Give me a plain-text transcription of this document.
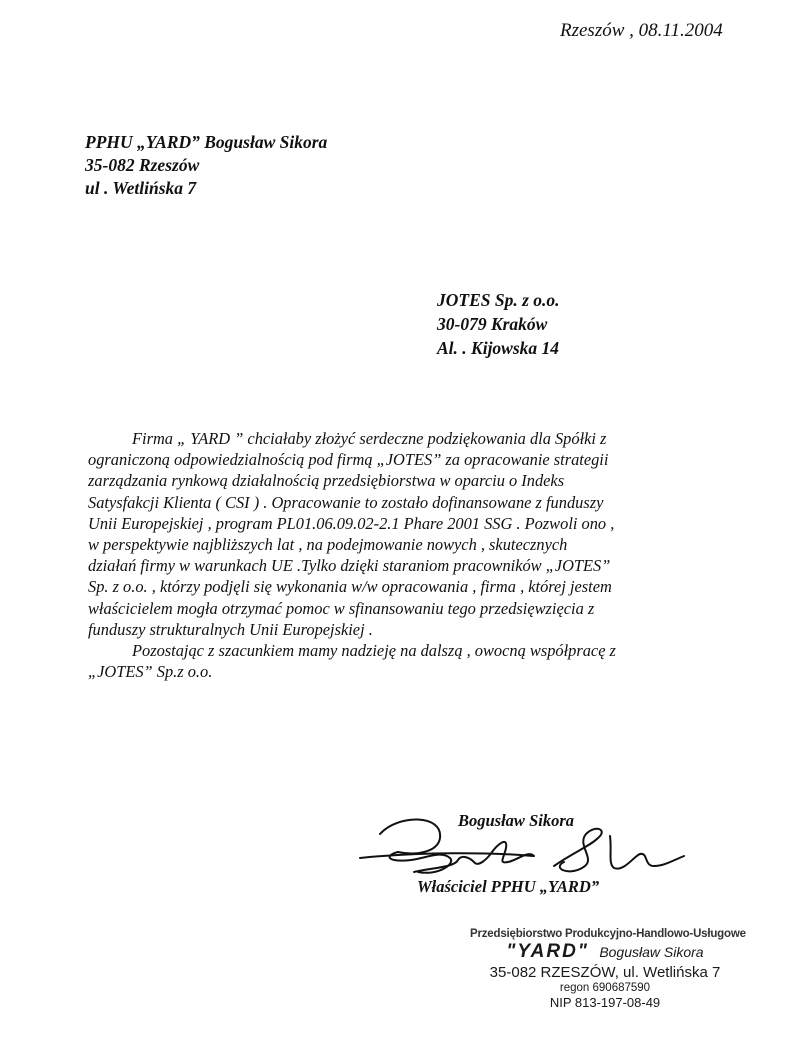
Rzeszów , 08.11.2004
PPHU „YARD” Bogusław Sikora
35-082 Rzeszów
ul . Wetlińska 7
JOTES Sp. z o.o.
30-079 Kraków
Al. . Kijowska 14
Firma „ YARD ” chciałaby złożyć serdeczne podziękowania dla Spółki z
ograniczoną odpowiedzialnością pod firmą „JOTES” za opracowanie strategii
zarządzania rynkową działalnością przedsiębiorstwa w oparciu o Indeks
Satysfakcji Klienta ( CSI ) . Opracowanie to zostało dofinansowane z funduszy
Unii Europejskiej , program PL01.06.09.02-2.1 Phare 2001 SSG . Pozwoli ono ,
w perspektywie najbliższych lat , na podejmowanie nowych , skutecznych
działań firmy w warunkach UE .Tylko dzięki staraniom pracowników „JOTES”
Sp. z o.o. , którzy podjęli się wykonania w/w opracowania , firma , której jestem
właścicielem mogła otrzymać pomoc w sfinansowaniu tego przedsięwzięcia z
funduszy strukturalnych Unii Europejskiej .
Pozostając z szacunkiem mamy nadzieję na dalszą , owocną współpracę z
„JOTES” Sp.z o.o.
Bogusław Sikora
Właściciel PPHU „YARD”
Przedsiębiorstwo Produkcyjno-Handlowo-Usługowe
"YARD" Bogusław Sikora
35-082 RZESZÓW, ul. Wetlińska 7
regon 690687590
NIP 813-197-08-49
